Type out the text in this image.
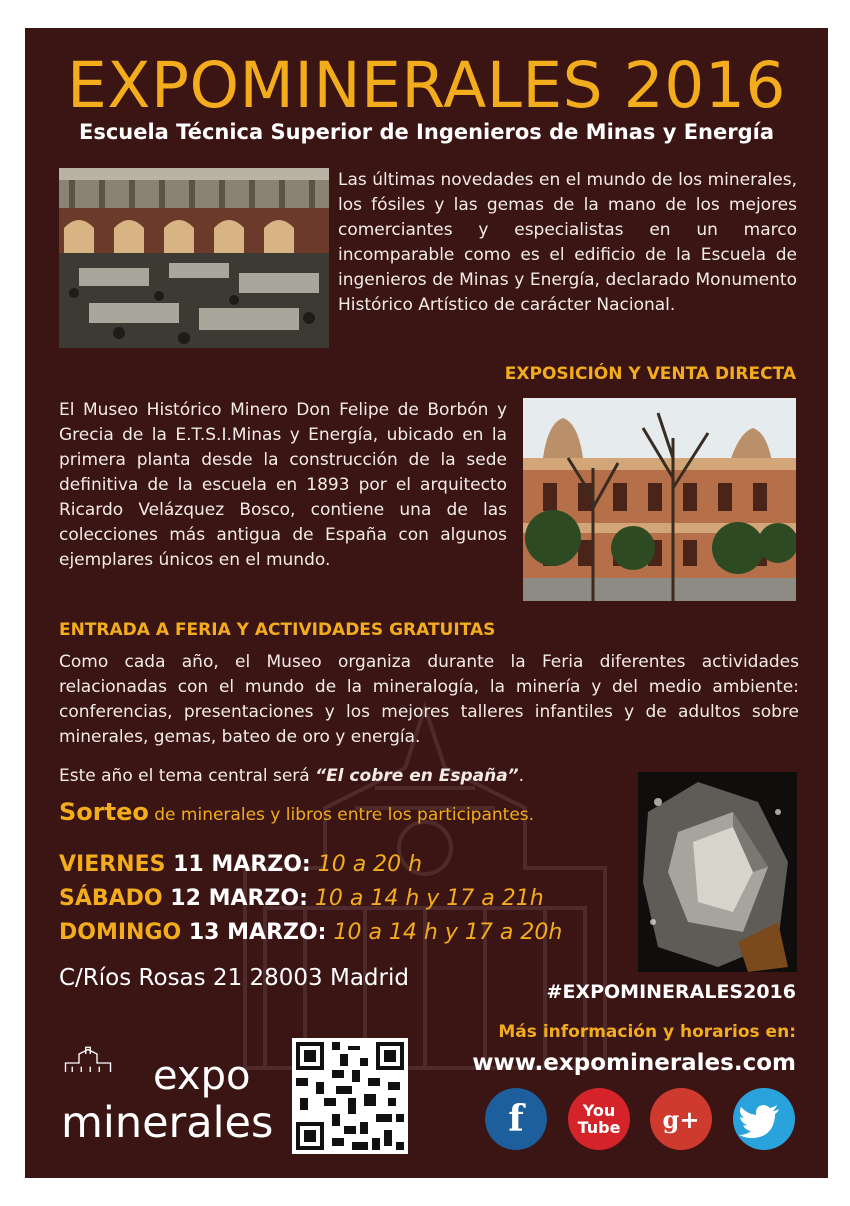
EXPOMINERALES 2016
Escuela Técnica Superior de Ingenieros de Minas y Energía
Las últimas novedades en el mundo de los minerales, los fósiles y las gemas de la mano de los mejores comerciantes y especialistas en un marco incomparable como es el edificio de la Escuela de ingenieros de Minas y Energía, declarado Monumento Histórico Artístico de carácter Nacional.
EXPOSICIÓN Y VENTA DIRECTA
El Museo Histórico Minero Don Felipe de Borbón y Grecia de la E.T.S.I.Minas y Energía, ubicado en la primera planta desde la construcción de la sede definitiva de la escuela en 1893 por el arquitecto Ricardo Velázquez Bosco, contiene una de las colecciones más antigua de España con algunos ejemplares únicos en el mundo.
ENTRADA A FERIA Y ACTIVIDADES GRATUITAS
Como cada año, el Museo organiza durante la Feria diferentes actividades relacionadas con el mundo de la mineralogía, la minería y del medio ambiente: conferencias, presentaciones y los mejores talleres infantiles y de adultos sobre minerales, gemas, bateo de oro y energía.
Este año el tema central será “El cobre en España”.
Sorteo de minerales y libros entre los participantes.
VIERNES 11 MARZO: 10 a 20 h
SÁBADO 12 MARZO: 10 a 14 h y 17 a 21h
DOMINGO 13 MARZO: 10 a 14 h y 17 a 20h
C/Ríos Rosas 21 28003 Madrid
#EXPOMINERALES2016
Más información y horarios en:
www.expominerales.com
expo
minerales	f	You
Tube	g+
